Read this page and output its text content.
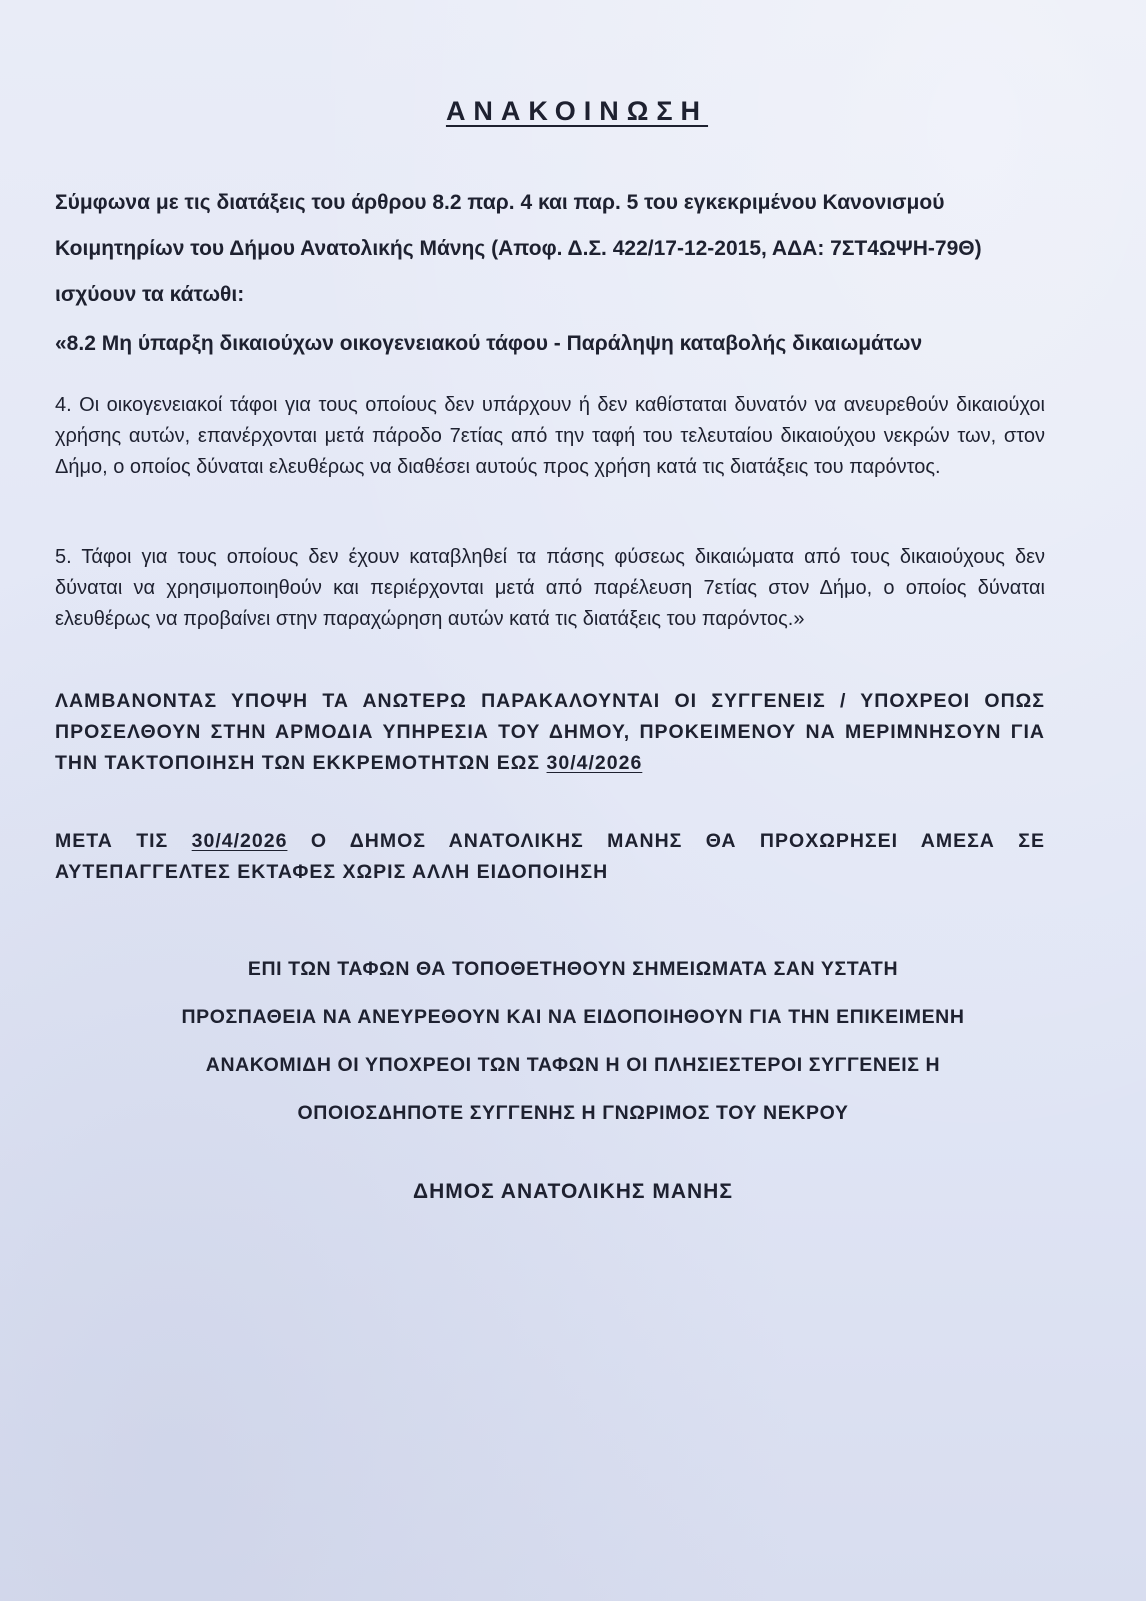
ΑΝΑΚΟΙΝΩΣΗ

Σύμφωνα με τις διατάξεις του άρθρου 8.2 παρ. 4 και παρ. 5 του εγκεκριμένου Κανονισμού Κοιμητηρίων του Δήμου Ανατολικής Μάνης (Αποφ. Δ.Σ. 422/17-12-2015, ΑΔΑ: 7ΣΤ4ΩΨΗ-79Θ) ισχύουν τα κάτωθι:

«8.2 Μη ύπαρξη δικαιούχων οικογενειακού τάφου - Παράληψη καταβολής δικαιωμάτων

4. Οι οικογενειακοί τάφοι για τους οποίους δεν υπάρχουν ή δεν καθίσταται δυνατόν να ανευρεθούν δικαιούχοι χρήσης αυτών, επανέρχονται μετά πάροδο 7ετίας από την ταφή του τελευταίου δικαιούχου νεκρών των, στον Δήμο, ο οποίος δύναται ελευθέρως να διαθέσει αυτούς προς χρήση κατά τις διατάξεις του παρόντος.

5. Τάφοι για τους οποίους δεν έχουν καταβληθεί τα πάσης φύσεως δικαιώματα από τους δικαιούχους δεν δύναται να χρησιμοποιηθούν και περιέρχονται μετά από παρέλευση 7ετίας στον Δήμο, ο οποίος δύναται ελευθέρως να προβαίνει στην παραχώρηση αυτών κατά τις διατάξεις του παρόντος.»

ΛΑΜΒΑΝΟΝΤΑΣ ΥΠΟΨΗ ΤΑ ΑΝΩΤΕΡΩ ΠΑΡΑΚΑΛΟΥΝΤΑΙ ΟΙ ΣΥΓΓΕΝΕΙΣ / ΥΠΟΧΡΕΟΙ ΟΠΩΣ ΠΡΟΣΕΛΘΟΥΝ ΣΤΗΝ ΑΡΜΟΔΙΑ ΥΠΗΡΕΣΙΑ ΤΟΥ ΔΗΜΟΥ, ΠΡΟΚΕΙΜΕΝΟΥ ΝΑ ΜΕΡΙΜΝΗΣΟΥΝ ΓΙΑ ΤΗΝ ΤΑΚΤΟΠΟΙΗΣΗ ΤΩΝ ΕΚΚΡΕΜΟΤΗΤΩΝ ΕΩΣ 30/4/2026

ΜΕΤΑ ΤΙΣ 30/4/2026 Ο ΔΗΜΟΣ ΑΝΑΤΟΛΙΚΗΣ ΜΑΝΗΣ ΘΑ ΠΡΟΧΩΡΗΣΕΙ ΑΜΕΣΑ ΣΕ ΑΥΤΕΠΑΓΓΕΛΤΕΣ ΕΚΤΑΦΕΣ ΧΩΡΙΣ ΑΛΛΗ ΕΙΔΟΠΟΙΗΣΗ

ΕΠΙ ΤΩΝ ΤΑΦΩΝ ΘΑ ΤΟΠΟΘΕΤΗΘΟΥΝ ΣΗΜΕΙΩΜΑΤΑ ΣΑΝ ΥΣΤΑΤΗ
ΠΡΟΣΠΑΘΕΙΑ ΝΑ ΑΝΕΥΡΕΘΟΥΝ ΚΑΙ ΝΑ ΕΙΔΟΠΟΙΗΘΟΥΝ ΓΙΑ ΤΗΝ ΕΠΙΚΕΙΜΕΝΗ
ΑΝΑΚΟΜΙΔΗ ΟΙ ΥΠΟΧΡΕΟΙ ΤΩΝ ΤΑΦΩΝ Η ΟΙ ΠΛΗΣΙΕΣΤΕΡΟΙ ΣΥΓΓΕΝΕΙΣ Η
ΟΠΟΙΟΣΔΗΠΟΤΕ ΣΥΓΓΕΝΗΣ Η ΓΝΩΡΙΜΟΣ ΤΟΥ ΝΕΚΡΟΥ

ΔΗΜΟΣ ΑΝΑΤΟΛΙΚΗΣ ΜΑΝΗΣ
